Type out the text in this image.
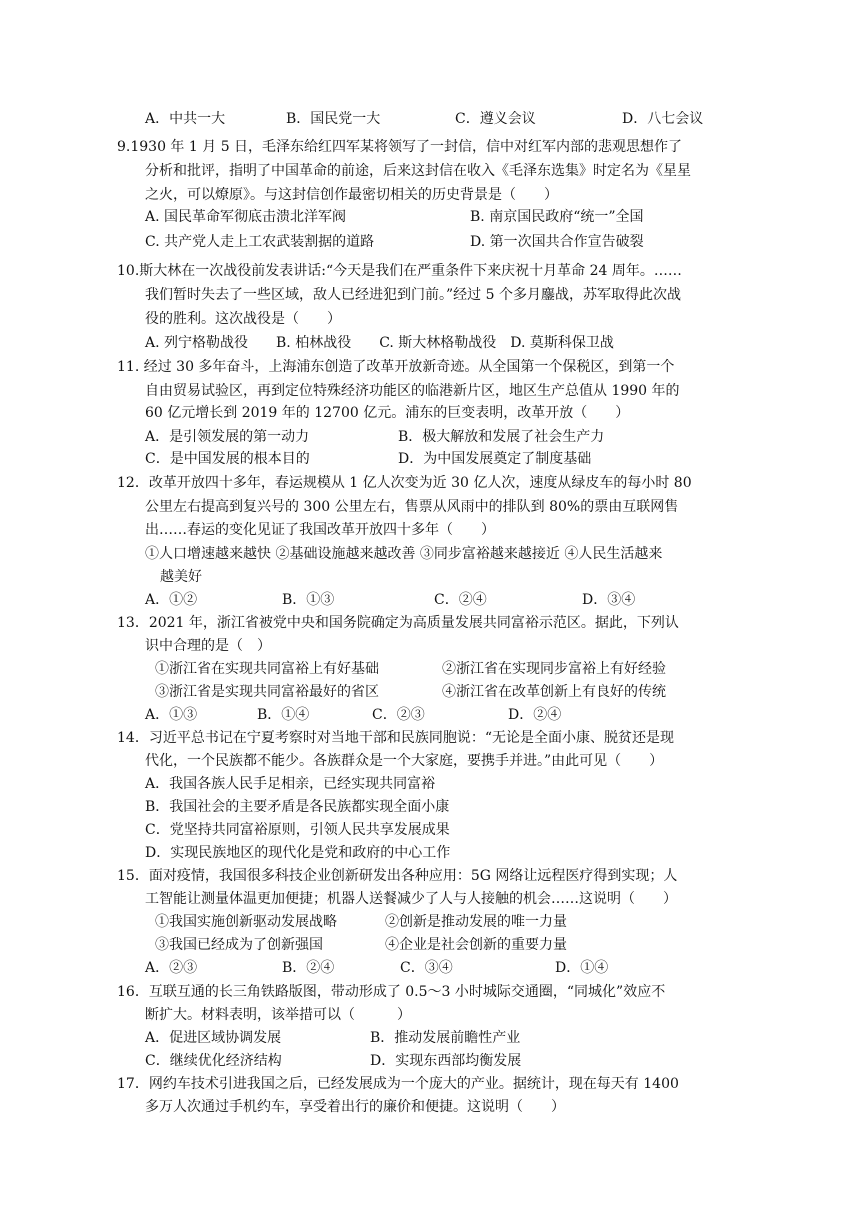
A．中共一大	B．国民党一大	C．遵义会议	D．八七会议
9.1930 年 1 月 5 日，毛泽东给红四军某将领写了一封信，信中对红军内部的悲观思想作了
分析和批评，指明了中国革命的前途，后来这封信在收入《毛泽东选集》时定名为《星星
之火，可以燎原》。与这封信创作最密切相关的历史背景是（　　）
A. 国民革命军彻底击溃北洋军阀	B. 南京国民政府“统一”全国
C. 共产党人走上工农武装割据的道路	D. 第一次国共合作宣告破裂
10.斯大林在一次战役前发表讲话:“今天是我们在严重条件下来庆祝十月革命 24 周年。……
我们暂时失去了一些区域，敌人已经进犯到门前。”经过 5 个多月鏖战，苏军取得此次战
役的胜利。这次战役是（　　）
A. 列宁格勒战役　　B. 柏林战役　　C. 斯大林格勒战役　D. 莫斯科保卫战
11. 经过 30 多年奋斗，上海浦东创造了改革开放新奇迹。从全国第一个保税区，到第一个
自由贸易试验区，再到定位特殊经济功能区的临港新片区，地区生产总值从 1990 年的
60 亿元增长到 2019 年的 12700 亿元。浦东的巨变表明，改革开放（　　）
A．是引领发展的第一动力	B．极大解放和发展了社会生产力
C．是中国发展的根本目的	D．为中国发展奠定了制度基础
12．改革开放四十多年，春运规模从 1 亿人次变为近 30 亿人次，速度从绿皮车的每小时 80
公里左右提高到复兴号的 300 公里左右，售票从风雨中的排队到 80%的票由互联网售
出……春运的变化见证了我国改革开放四十多年（　　）
①人口增速越来越快 ②基础设施越来越改善 ③同步富裕越来越接近 ④人民生活越来
越美好
A．①②	B．①③	C．②④	D．③④
13．2021 年，浙江省被党中央和国务院确定为高质量发展共同富裕示范区。据此，下列认
识中合理的是（　）
①浙江省在实现共同富裕上有好基础	②浙江省在实现同步富裕上有好经验
③浙江省是实现共同富裕最好的省区	④浙江省在改革创新上有良好的传统
A．①③	B．①④	C．②③	D．②④
14．习近平总书记在宁夏考察时对当地干部和民族同胞说：“无论是全面小康、脱贫还是现
代化，一个民族都不能少。各族群众是一个大家庭，要携手并进。”由此可见（　　）
A．我国各族人民手足相亲，已经实现共同富裕
B．我国社会的主要矛盾是各民族都实现全面小康
C．党坚持共同富裕原则，引领人民共享发展成果
D．实现民族地区的现代化是党和政府的中心工作
15．面对疫情，我国很多科技企业创新研发出各种应用：5G 网络让远程医疗得到实现；人
工智能让测量体温更加便捷；机器人送餐减少了人与人接触的机会……这说明（　　）
①我国实施创新驱动发展战略	②创新是推动发展的唯一力量
③我国已经成为了创新强国	④企业是社会创新的重要力量
A．②③	B．②④	C．③④	D．①④
16．互联互通的长三角铁路版图，带动形成了 0.5～3 小时城际交通圈，“同城化”效应不
断扩大。材料表明，该举措可以（　　　）
A．促进区域协调发展	B．推动发展前瞻性产业
C．继续优化经济结构	D．实现东西部均衡发展
17．网约车技术引进我国之后，已经发展成为一个庞大的产业。据统计，现在每天有 1400
多万人次通过手机约车，享受着出行的廉价和便捷。这说明（　　）
